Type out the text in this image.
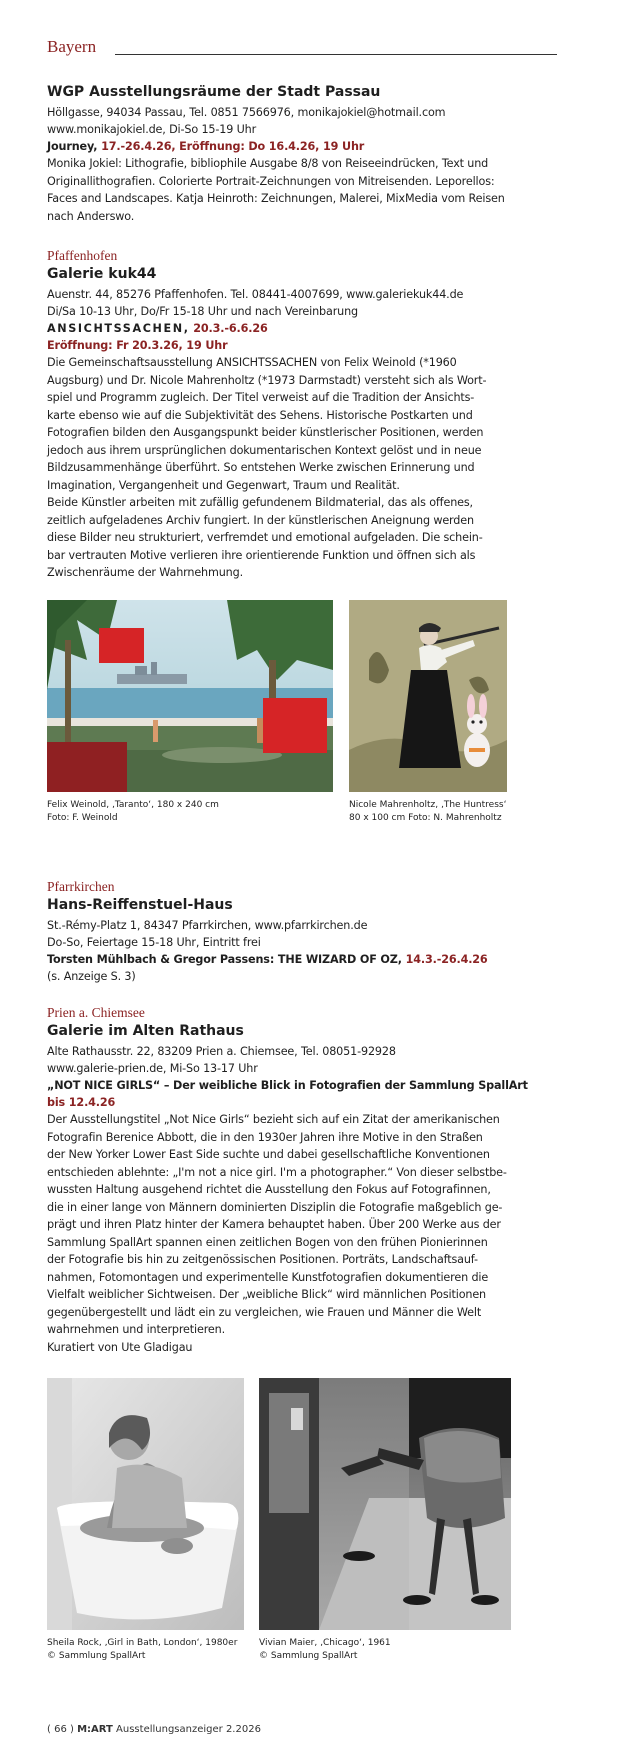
Bayern
WGP Ausstellungsräume der Stadt Passau
Höllgasse, 94034 Passau, Tel. 0851 7566976, monikajokiel@hotmail.com
www.monikajokiel.de, Di-So 15-19 Uhr
Journey, 17.-26.4.26, Eröffnung: Do 16.4.26, 19 Uhr
Monika Jokiel: Lithografie, bibliophile Ausgabe 8/8 von Reiseeindrücken, Text und
Originallithografien. Colorierte Portrait-Zeichnungen von Mitreisenden. Leporellos:
Faces and Landscapes. Katja Heinroth: Zeichnungen, Malerei, MixMedia vom Reisen
nach Anderswo.
Pfaffenhofen
Galerie kuk44
Auenstr. 44, 85276 Pfaffenhofen. Tel. 08441-4007699, www.galeriekuk44.de
Di/Sa 10-13 Uhr, Do/Fr 15-18 Uhr und nach Vereinbarung
ANSICHTSSACHEN, 20.3.-6.6.26
Eröffnung: Fr 20.3.26, 19 Uhr
Die Gemeinschaftsausstellung ANSICHTSSACHEN von Felix Weinold (*1960
Augsburg) und Dr. Nicole Mahrenholtz (*1973 Darmstadt) versteht sich als Wort-
spiel und Programm zugleich. Der Titel verweist auf die Tradition der Ansichts-
karte ebenso wie auf die Subjektivität des Sehens. Historische Postkarten und
Fotografien bilden den Ausgangspunkt beider künstlerischer Positionen, werden
jedoch aus ihrem ursprünglichen dokumentarischen Kontext gelöst und in neue
Bildzusammenhänge überführt. So entstehen Werke zwischen Erinnerung und
Imagination, Vergangenheit und Gegenwart, Traum und Realität.
Beide Künstler arbeiten mit zufällig gefundenem Bildmaterial, das als offenes,
zeitlich aufgeladenes Archiv fungiert. In der künstlerischen Aneignung werden
diese Bilder neu strukturiert, verfremdet und emotional aufgeladen. Die schein-
bar vertrauten Motive verlieren ihre orientierende Funktion und öffnen sich als
Zwischenräume der Wahrnehmung.
Felix Weinold, ‚Taranto‘, 180 x 240 cm
Foto: F. Weinold
Nicole Mahrenholtz, ‚The Huntress‘
80 x 100 cm Foto: N. Mahrenholtz
Pfarrkirchen
Hans-Reiffenstuel-Haus
St.-Rémy-Platz 1, 84347 Pfarrkirchen, www.pfarrkirchen.de
Do-So, Feiertage 15-18 Uhr, Eintritt frei
Torsten Mühlbach & Gregor Passens: THE WIZARD OF OZ, 14.3.-26.4.26
(s. Anzeige S. 3)
Prien a. Chiemsee
Galerie im Alten Rathaus
Alte Rathausstr. 22, 83209 Prien a. Chiemsee, Tel. 08051-92928
www.galerie-prien.de, Mi-So 13-17 Uhr
„NOT NICE GIRLS“ – Der weibliche Blick in Fotografien der Sammlung SpallArt
bis 12.4.26
Der Ausstellungstitel „Not Nice Girls“ bezieht sich auf ein Zitat der amerikanischen
Fotografin Berenice Abbott, die in den 1930er Jahren ihre Motive in den Straßen
der New Yorker Lower East Side suchte und dabei gesellschaftliche Konventionen
entschieden ablehnte: „I'm not a nice girl. I'm a photographer.“ Von dieser selbstbe-
wussten Haltung ausgehend richtet die Ausstellung den Fokus auf Fotografinnen,
die in einer lange von Männern dominierten Disziplin die Fotografie maßgeblich ge-
prägt und ihren Platz hinter der Kamera behauptet haben. Über 200 Werke aus der
Sammlung SpallArt spannen einen zeitlichen Bogen von den frühen Pionierinnen
der Fotografie bis hin zu zeitgenössischen Positionen. Porträts, Landschaftsauf-
nahmen, Fotomontagen und experimentelle Kunstfotografien dokumentieren die
Vielfalt weiblicher Sichtweisen. Der „weibliche Blick“ wird männlichen Positionen
gegenübergestellt und lädt ein zu vergleichen, wie Frauen und Männer die Welt
wahrnehmen und interpretieren.
Kuratiert von Ute Gladigau
Sheila Rock, ‚Girl in Bath, London‘, 1980er
© Sammlung SpallArt
Vivian Maier, ‚Chicago‘, 1961
© Sammlung SpallArt
( 66 ) M:ART Ausstellungsanzeiger 2.2026
